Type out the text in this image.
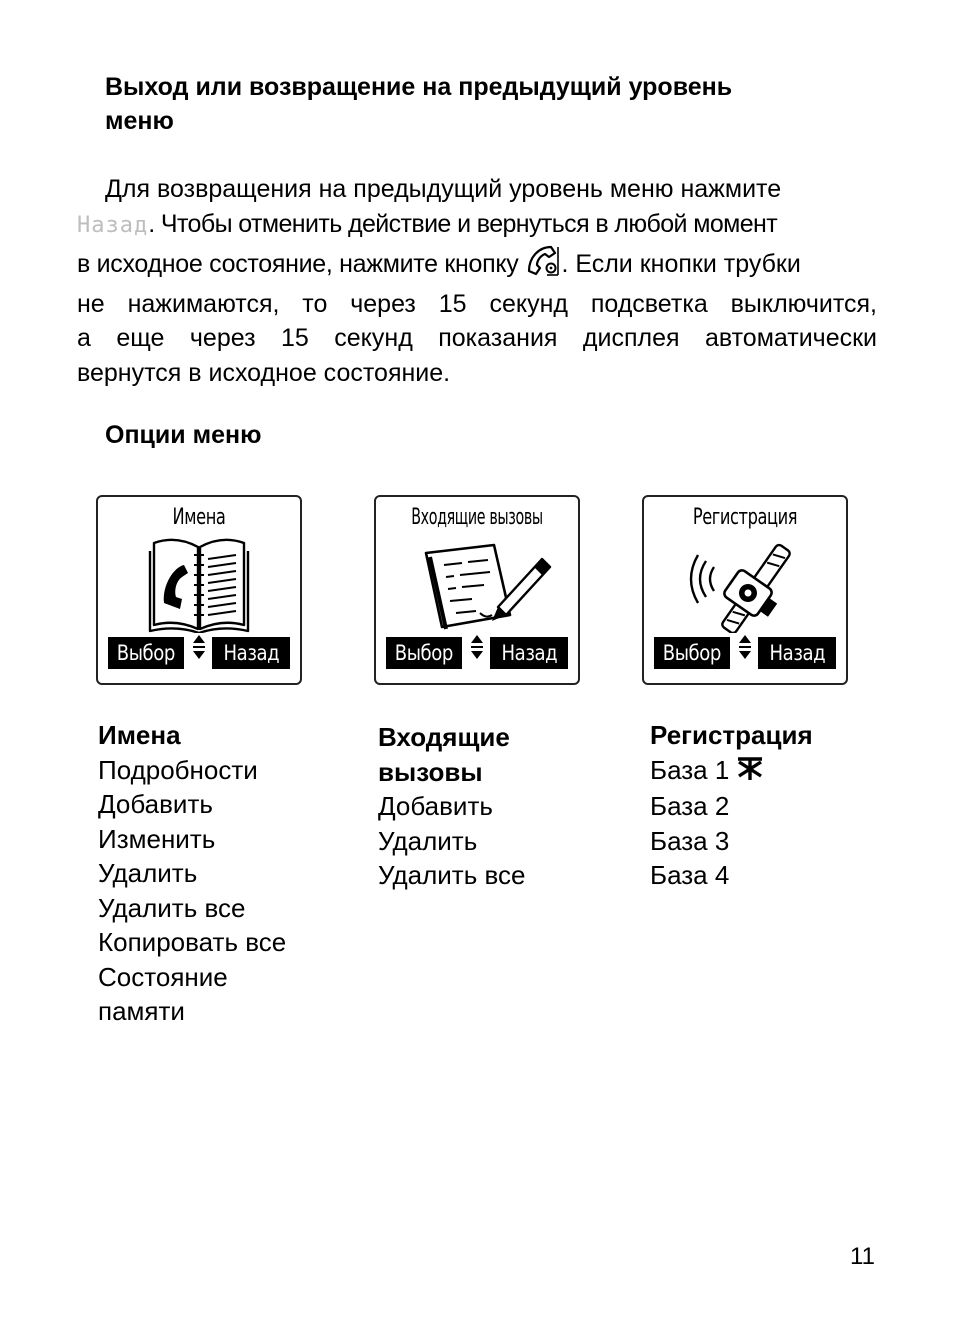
Выход или возвращение на предыдущий уровень
меню
Для возвращения на предыдущий уровень меню нажмите
Назад. Чтобы отменить действие и вернуться в любой момент
в исходное состояние, нажмите кнопку . Если кнопки трубки
не нажимаются, то через 15 секунд подсветка выключится,
а еще через 15 секунд показания дисплея автоматически
вернутся в исходное состояние.
Опции меню
Имена
Выбор	Назад
Входящие вызовы
Выбор	Назад
Регистрация
Выбор	Назад
Имена
Подробности
Добавить
Изменить
Удалить
Удалить все
Копировать все
Состояние
памяти
Входящие
вызовы
Добавить
Удалить
Удалить все
Регистрация
База 1
База 2
База 3
База 4
11
